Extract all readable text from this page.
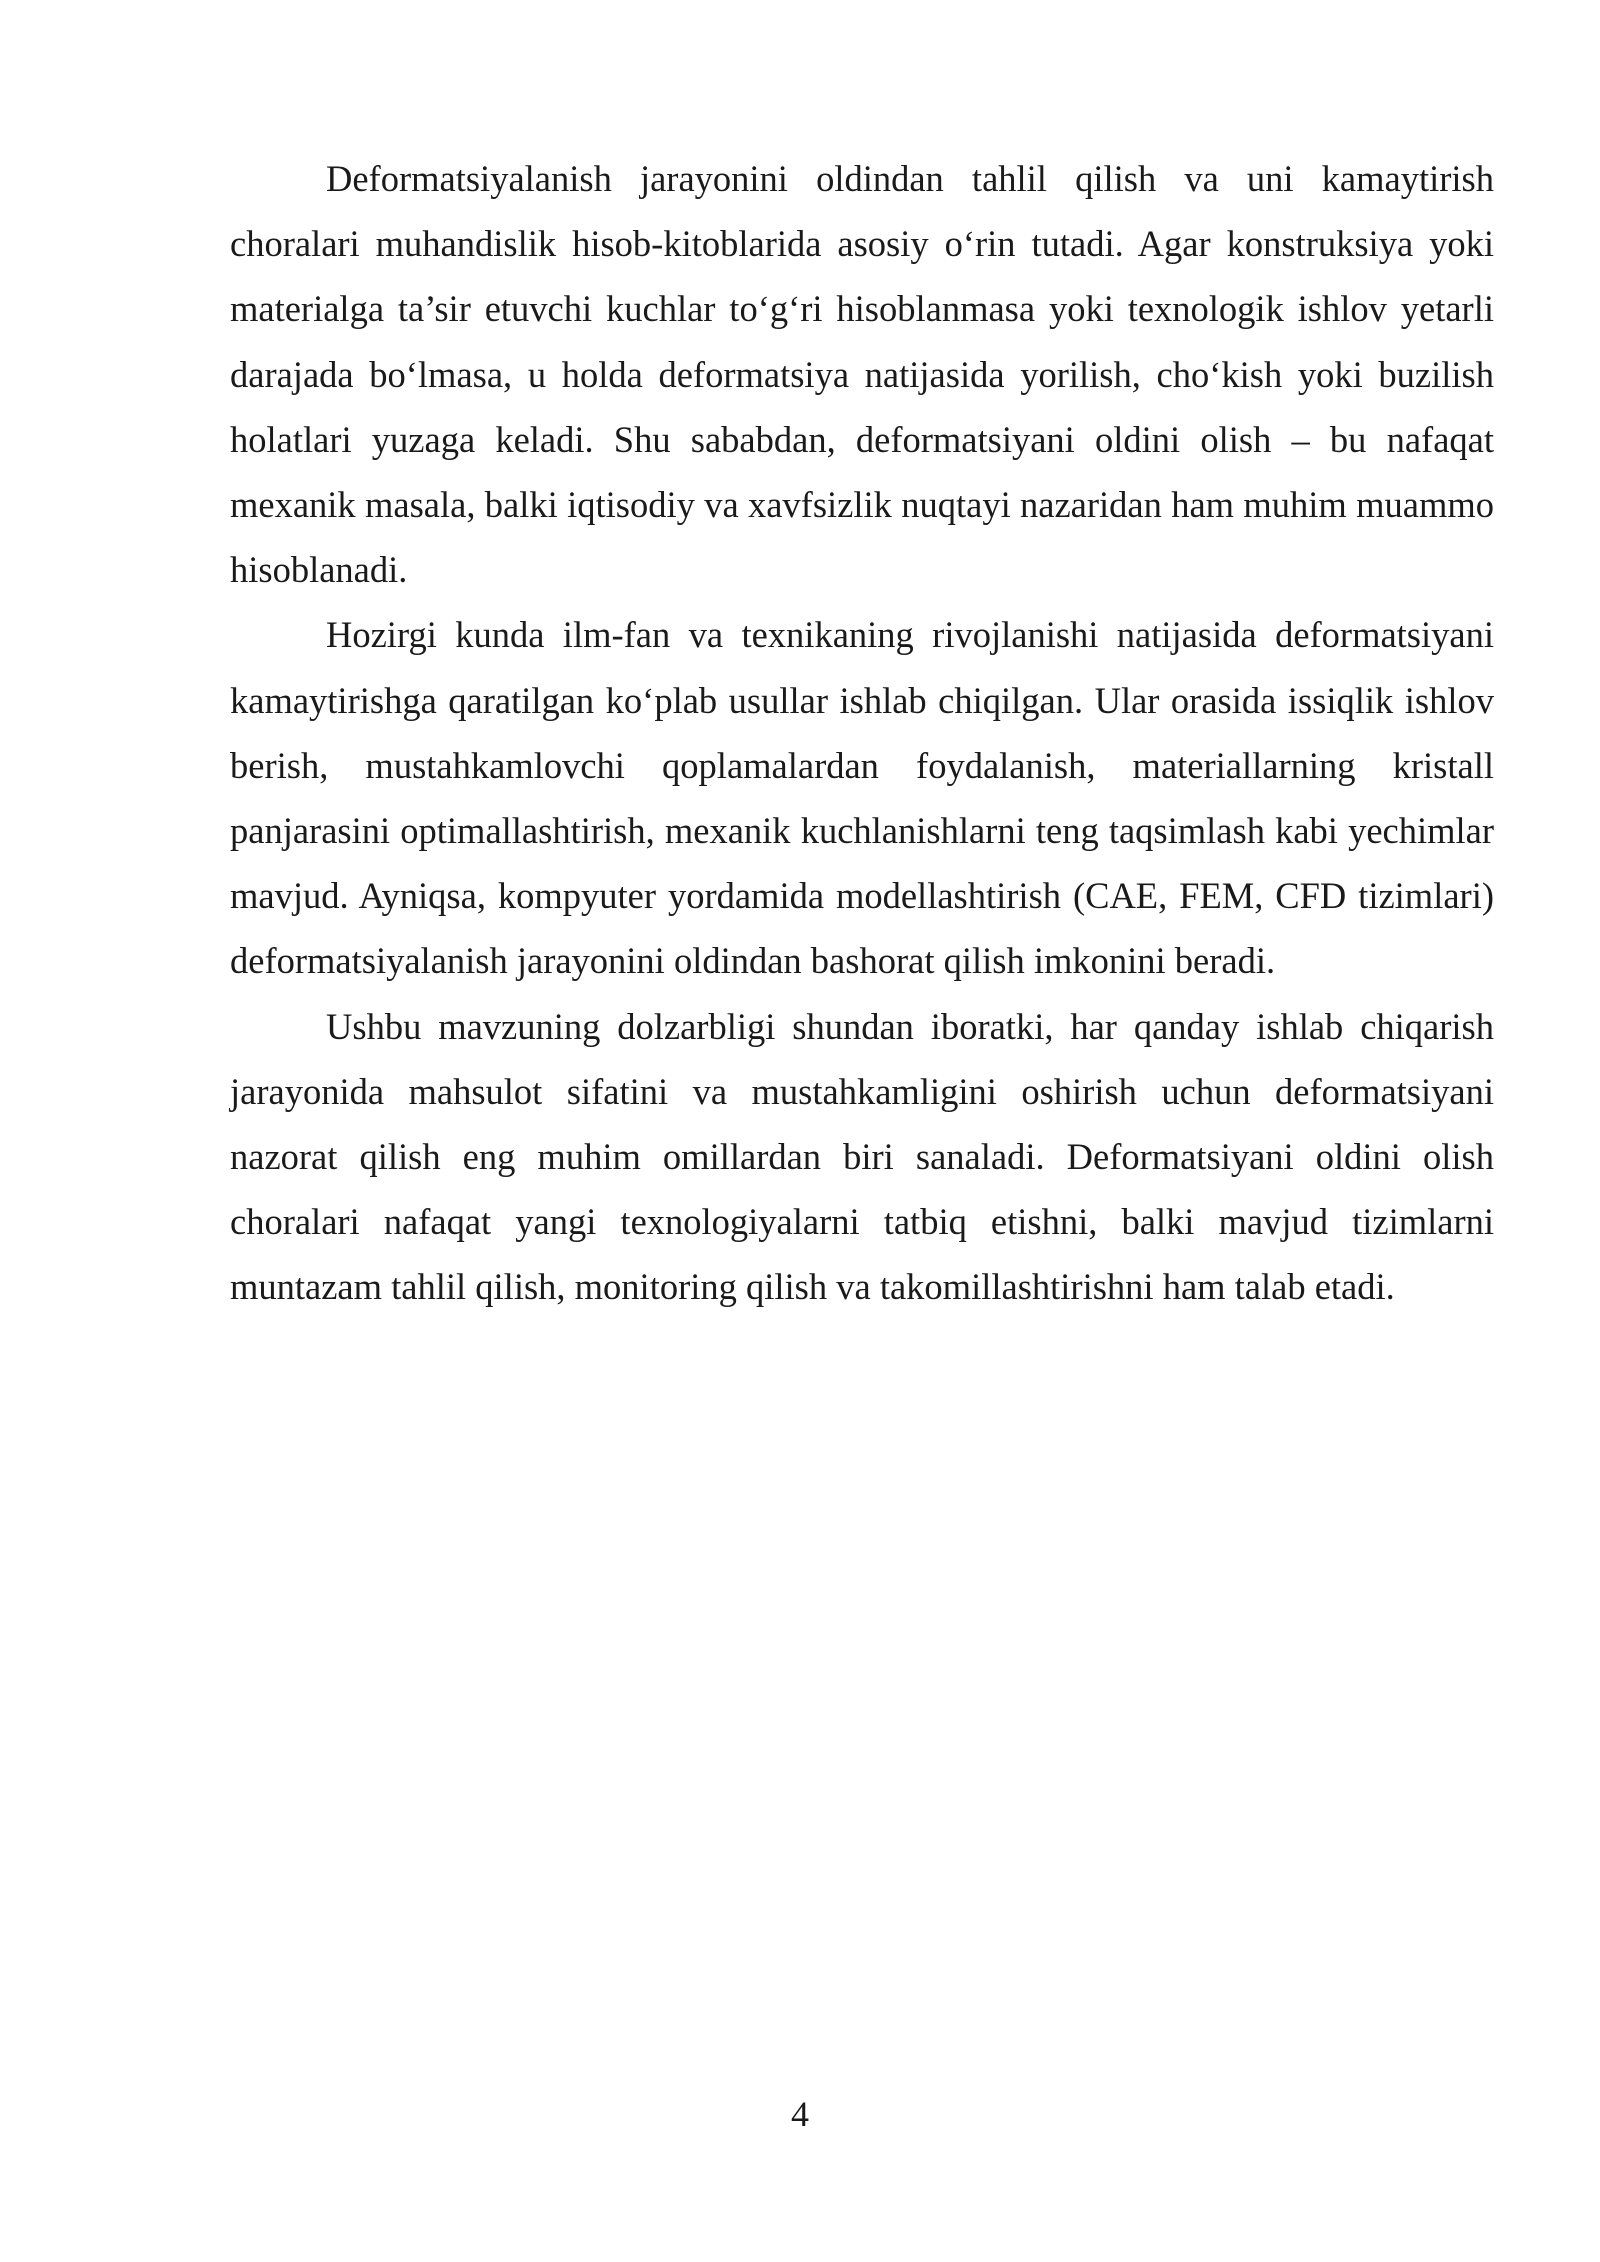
Deformatsiyalanish jarayonini oldindan tahlil qilish va uni kamaytirish choralari muhandislik hisob-kitoblarida asosiy oʻrin tutadi. Agar konstruksiya yoki materialga ta’sir etuvchi kuchlar toʻgʻri hisoblanmasa yoki texnologik ishlov yetarli darajada boʻlmasa, u holda deformatsiya natijasida yorilish, choʻkish yoki buzilish holatlari yuzaga keladi. Shu sababdan, deformatsiyani oldini olish – bu nafaqat mexanik masala, balki iqtisodiy va xavfsizlik nuqtayi nazaridan ham muhim muammo hisoblanadi.

Hozirgi kunda ilm-fan va texnikaning rivojlanishi natijasida deformatsiyani kamaytirishga qaratilgan koʻplab usullar ishlab chiqilgan. Ular orasida issiqlik ishlov berish, mustahkamlovchi qoplamalardan foydalanish, materiallarning kristall panjarasini optimallashtirish, mexanik kuchlanishlarni teng taqsimlash kabi yechimlar mavjud. Ayniqsa, kompyuter yordamida modellashtirish (CAE, FEM, CFD tizimlari) deformatsiyalanish jarayonini oldindan bashorat qilish imkonini beradi.

Ushbu mavzuning dolzarbligi shundan iboratki, har qanday ishlab chiqarish jarayonida mahsulot sifatini va mustahkamligini oshirish uchun deformatsiyani nazorat qilish eng muhim omillardan biri sanaladi. Deformatsiyani oldini olish choralari nafaqat yangi texnologiyalarni tatbiq etishni, balki mavjud tizimlarni muntazam tahlil qilish, monitoring qilish va takomillashtirishni ham talab etadi.

4
